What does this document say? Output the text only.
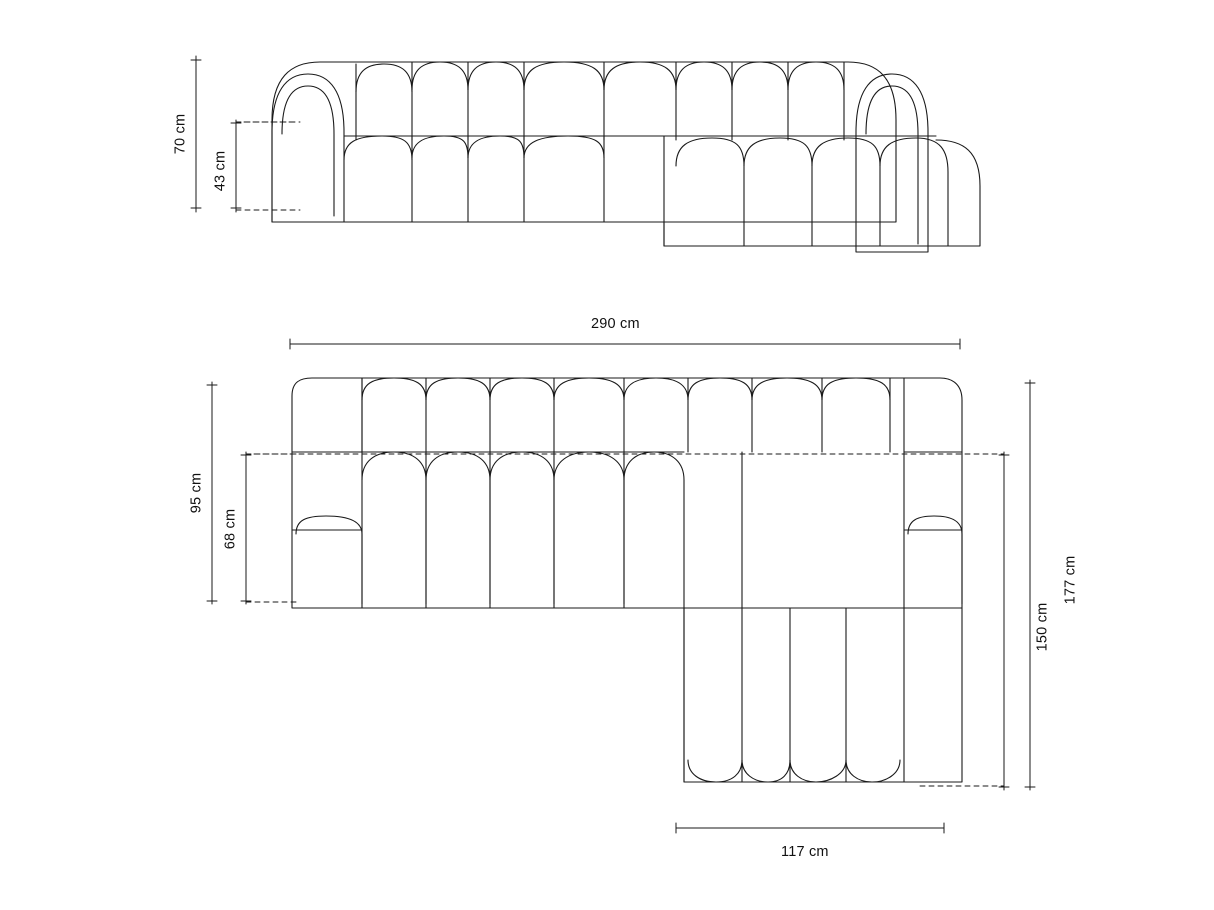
70 cm
43 cm
290 cm
95 cm
68 cm
177 cm
150 cm
117 cm
